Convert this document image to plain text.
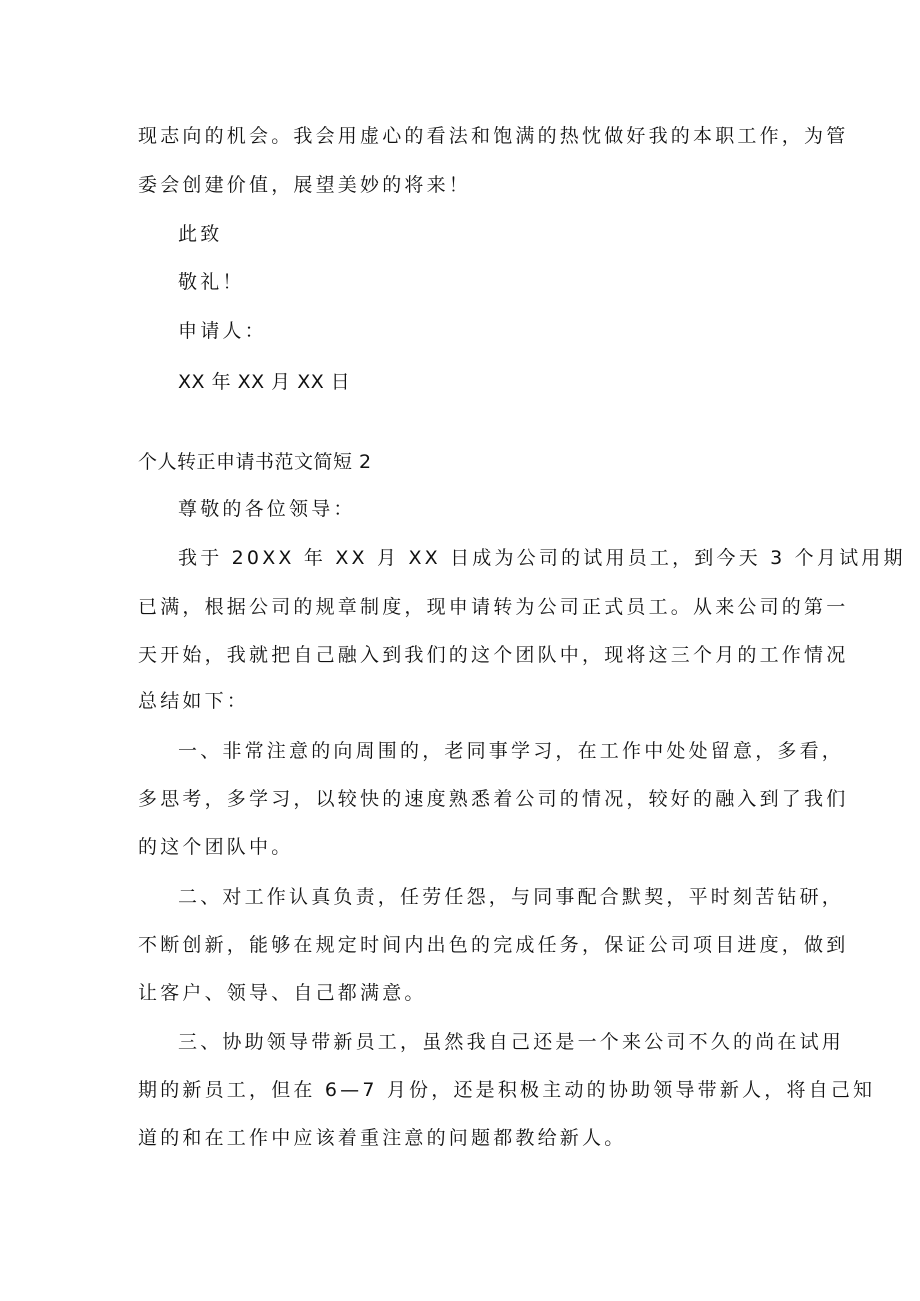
现志向的机会。我会用虚心的看法和饱满的热忱做好我的本职工作，为管
委会创建价值，展望美妙的将来！
此致
敬礼！
申请人：
XX 年 XX 月 XX 日
个人转正申请书范文简短 2
尊敬的各位领导：
我于 20XX 年 XX 月 XX 日成为公司的试用员工，到今天 3 个月试用期
已满，根据公司的规章制度，现申请转为公司正式员工。从来公司的第一
天开始，我就把自己融入到我们的这个团队中，现将这三个月的工作情况
总结如下：
一、非常注意的向周围的，老同事学习，在工作中处处留意，多看，
多思考，多学习，以较快的速度熟悉着公司的情况，较好的融入到了我们
的这个团队中。
二、对工作认真负责，任劳任怨，与同事配合默契，平时刻苦钻研，
不断创新，能够在规定时间内出色的完成任务，保证公司项目进度，做到
让客户、领导、自己都满意。
三、协助领导带新员工，虽然我自己还是一个来公司不久的尚在试用
期的新员工，但在 6—7 月份，还是积极主动的协助领导带新人，将自己知
道的和在工作中应该着重注意的问题都教给新人。
